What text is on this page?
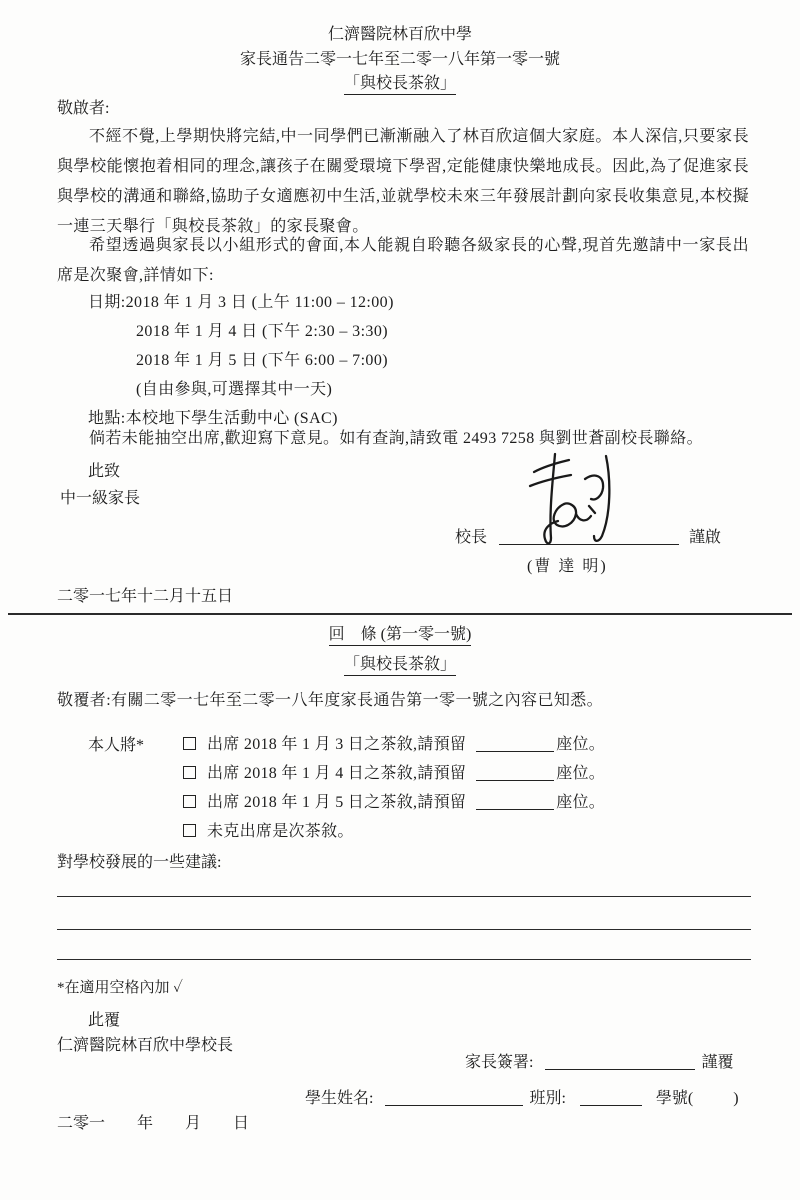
仁濟醫院林百欣中學
家長通告二零一七年至二零一八年第一零一號
「與校長茶敘」
敬啟者:
不經不覺,上學期快將完結,中一同學們已漸漸融入了林百欣這個大家庭。本人深信,只要家長與學校能懷抱着相同的理念,讓孩子在關愛環境下學習,定能健康快樂地成長。因此,為了促進家長與學校的溝通和聯絡,協助子女適應初中生活,並就學校未來三年發展計劃向家長收集意見,本校擬一連三天舉行「與校長茶敘」的家長聚會。
希望透過與家長以小組形式的會面,本人能親自聆聽各級家長的心聲,現首先邀請中一家長出席是次聚會,詳情如下:
日期:2018 年 1 月 3 日 (上午 11:00 – 12:00)
2018 年 1 月 4 日 (下午 2:30 – 3:30)
2018 年 1 月 5 日 (下午 6:00 – 7:00)
(自由參與,可選擇其中一天)
地點:本校地下學生活動中心 (SAC)
倘若未能抽空出席,歡迎寫下意見。如有查詢,請致電 2493 7258 與劉世蒼副校長聯絡。
此致
中一級家長
校長	謹啟
(曹 達 明)
二零一七年十二月十五日
回　條 (第一零一號)
「與校長茶敘」
敬覆者:有關二零一七年至二零一八年度家長通告第一零一號之內容已知悉。
本人將*	出席 2018 年 1 月 3 日之茶敘,請預留	座位。
出席 2018 年 1 月 4 日之茶敘,請預留	座位。
出席 2018 年 1 月 5 日之茶敘,請預留	座位。
未克出席是次茶敘。
對學校發展的一些建議:
*在適用空格內加 ✓
此覆
仁濟醫院林百欣中學校長
家長簽署:	謹覆
學生姓名:	班別:	學號(	)
二零一 年 月 日
